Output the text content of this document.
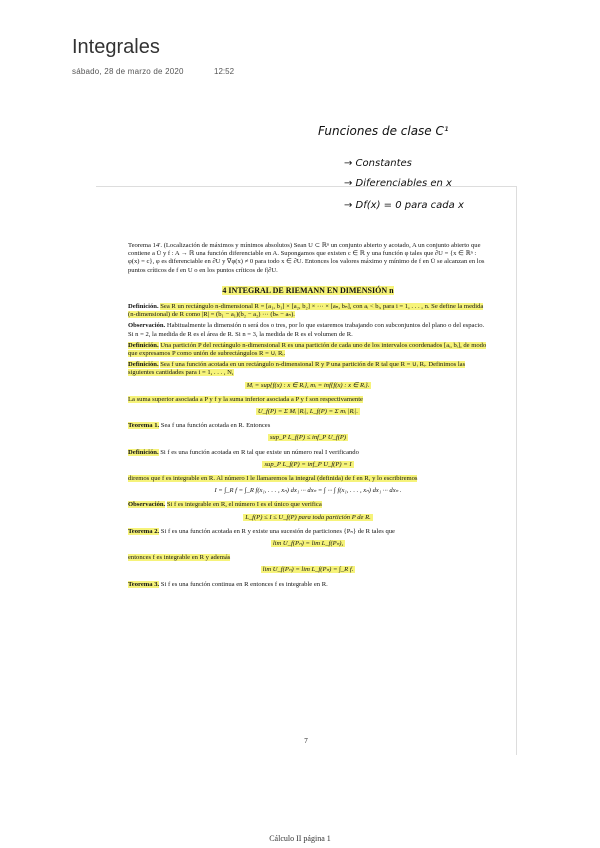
Integrales
sábado, 28 de marzo de 2020	12:52
Funciones de clase C¹
→ Constantes
→ Diferenciables en x
→ Df(x) = 0 para cada x

Teorema 14'. (Localización de máximos y mínimos absolutos) Sean U ⊂ ℝⁿ un conjunto abierto y acotado, A un conjunto abierto que contiene a Ū y f : A → ℝ una función diferenciable en A. Supongamos que existen c ∈ ℝ y una función φ tales que ∂U = {x ∈ ℝⁿ : φ(x) = c}, φ es diferenciable en ∂U y ∇φ(x) ≠ 0 para todo x ∈ ∂U. Entonces los valores máximo y mínimo de f en Ū se alcanzan en los puntos críticos de f en U o en los puntos críticos de f|∂U.

4 INTEGRAL DE RIEMANN EN DIMENSIÓN n

Definición. Sea R un rectángulo n-dimensional R = [a₁, b₁] × [a₂, b₂] × ··· × [aₙ, bₙ], con aᵢ < bᵢ, para i = 1, . . . , n. Se define la medida (n-dimensional) de R como |R| = (b₁ − a₁)(b₂ − a₂) ··· (bₙ − aₙ).

Observación. Habitualmente la dimensión n será dos o tres, por lo que estaremos trabajando con subconjuntos del plano o del espacio. Si n = 2, la medida de R es el área de R. Si n = 3, la medida de R es el volumen de R.

Definición. Una partición P del rectángulo n-dimensional R es una partición de cada uno de los intervalos coordenados [aᵢ, bᵢ], de modo que expresamos P como unión de subrectángulos R = ∪ᵢ Rᵢ.

Definición. Sea f una función acotada en un rectángulo n-dimensional R y P una partición de R tal que R = ∪ᵢ Rᵢ. Definimos las siguientes cantidades para i = 1, . . . , N,

Mᵢ = sup{f(x) : x ∈ Rᵢ}, mᵢ = inf{f(x) : x ∈ Rᵢ}.

La suma superior asociada a P y f y la suma inferior asociada a P y f son respectivamente

U_f(P) = Σ Mᵢ |Rᵢ|, L_f(P) = Σ mᵢ |Rᵢ|.

Teorema 1. Sea f una función acotada en R. Entonces

sup_P L_f(P) ≤ inf_P U_f(P)

Definición. Si f es una función acotada en R tal que existe un número real I verificando

sup_P L_f(P) = inf_P U_f(P) = I

diremos que f es integrable en R. Al número I le llamaremos la integral (definida) de f en R, y lo escribiremos

I = ∫_R f = ∫_R f(x₁, . . . , xₙ) dx₁ ··· dxₙ = ∫ ··· ∫ f(x₁, . . . , xₙ) dx₁ ··· dxₙ .

Observación. Si f es integrable en R, el número I es el único que verifica

L_f(P) ≤ I ≤ U_f(P) para toda partición P de R.

Teorema 2. Si f es una función acotada en R y existe una sucesión de particiones {Pₙ} de R tales que

lim U_f(Pₙ) = lim L_f(Pₙ),

entonces f es integrable en R y además

lim U_f(Pₙ) = lim L_f(Pₙ) = ∫_R f.

Teorema 3. Si f es una función continua en R entonces f es integrable en R.

7
Cálculo II página 1
